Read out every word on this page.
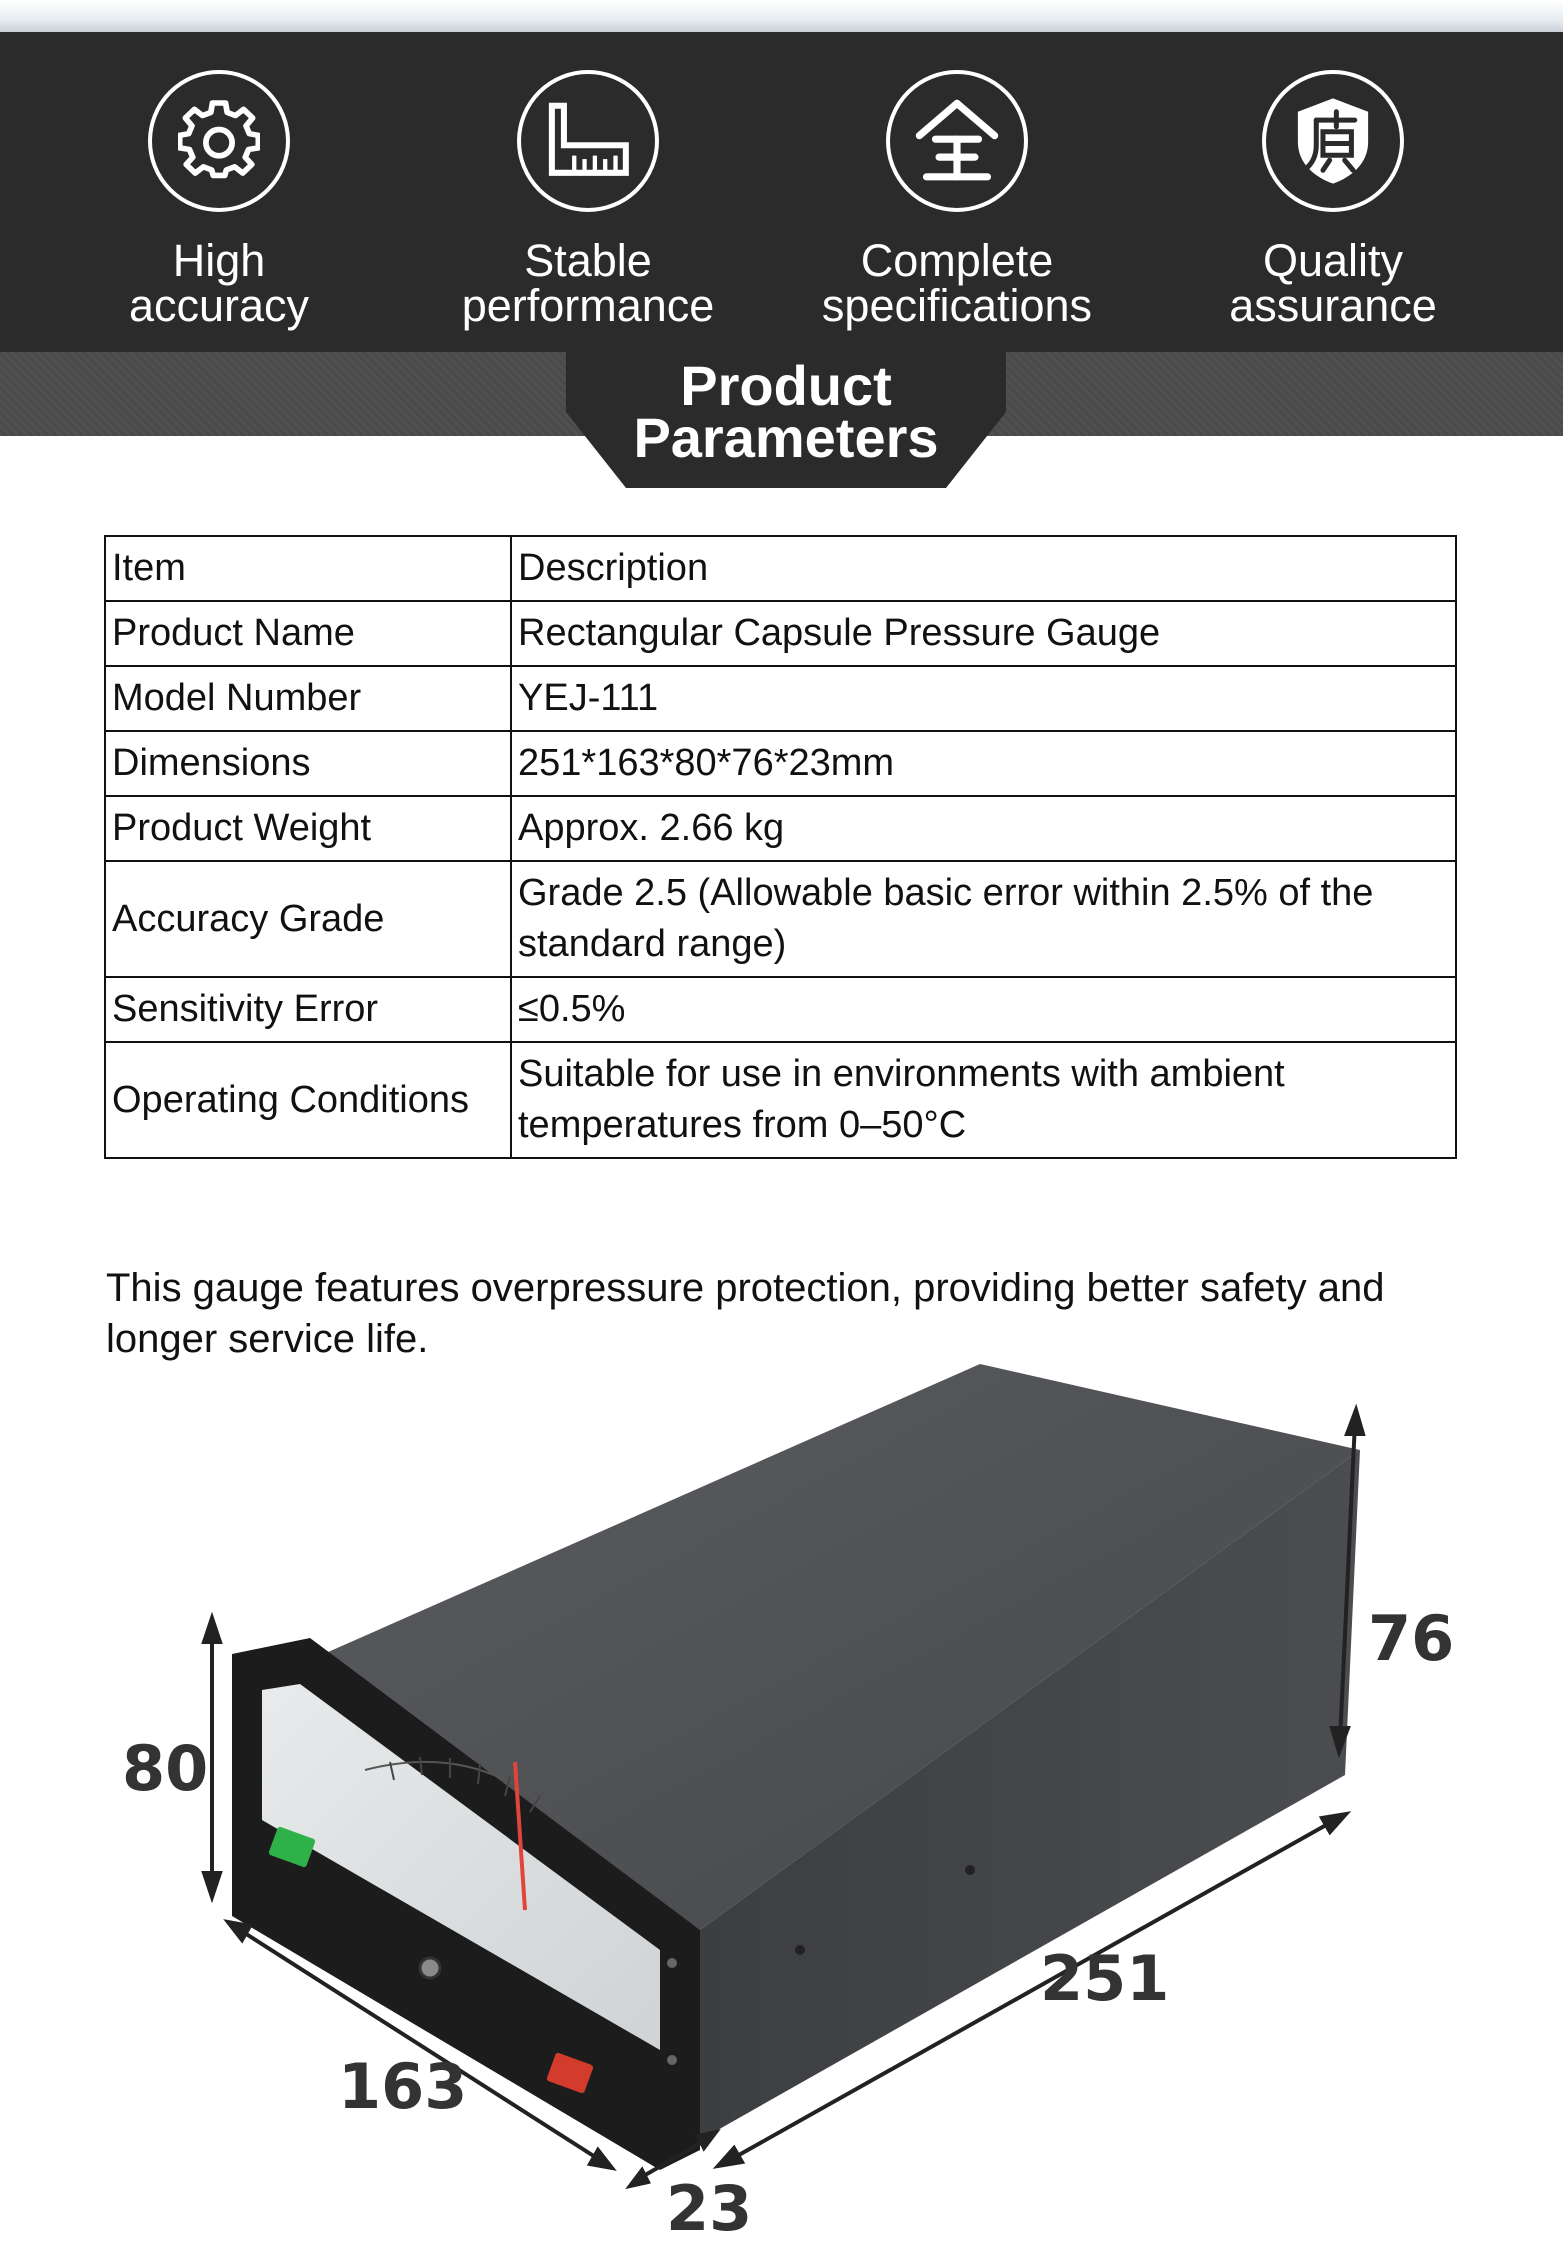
High
accuracy
Stable
performance
Complete
specifications
Quality
assurance
Product
Parameters
Item	Description
Product Name	Rectangular Capsule Pressure Gauge
Model Number	YEJ-111
Dimensions	251*163*80*76*23mm
Product Weight	Approx. 2.66 kg
Accuracy Grade	Grade 2.5 (Allowable basic error within 2.5% of the standard range)
Sensitivity Error	≤0.5%
Operating Conditions	Suitable for use in environments with ambient temperatures from 0–50°C
This gauge features overpressure protection, providing better safety and longer service life.
80
76
251
163
23
